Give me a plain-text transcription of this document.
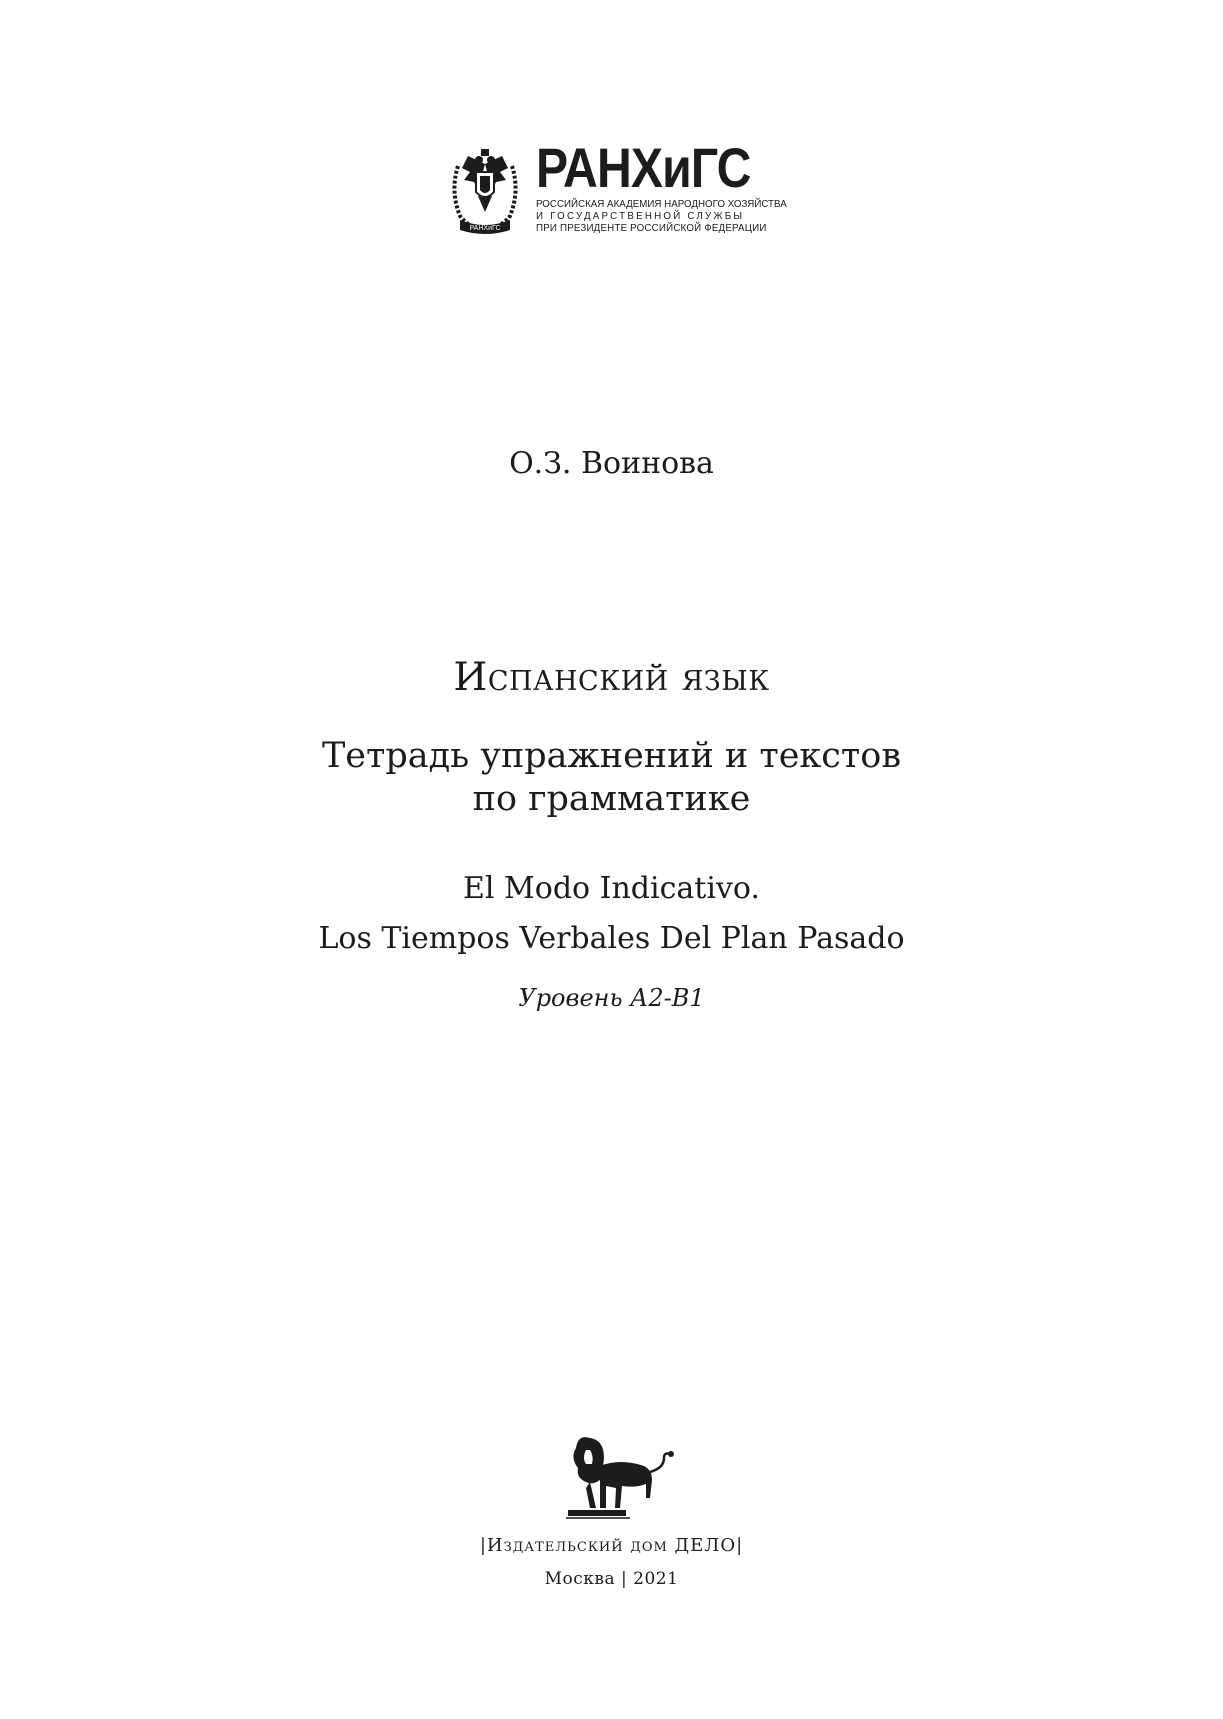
РАНХиГС
РАНХиГС
РОССИЙСКАЯ АКАДЕМИЯ НАРОДНОГО ХОЗЯЙСТВА
И ГОСУДАРСТВЕННОЙ СЛУЖБЫ
ПРИ ПРЕЗИДЕНТЕ РОССИЙСКОЙ ФЕДЕРАЦИИ
О.З. Воинова
Испанский язык
Тетрадь упражнений и текстов
по грамматике
El Modo Indicativo.
Los Tiempos Verbales Del Plan Pasado
Уровень А2-В1
|Издательский дом ДЕЛО|
Москва | 2021
